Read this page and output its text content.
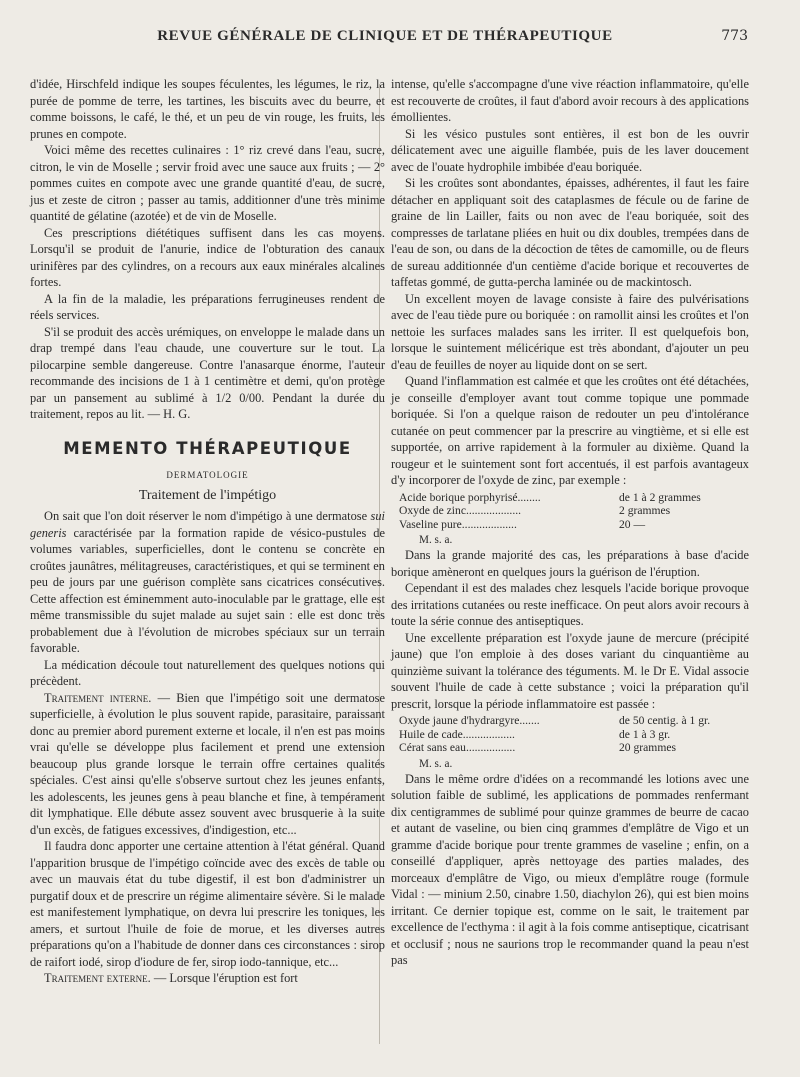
REVUE GÉNÉRALE DE CLINIQUE ET DE THÉRAPEUTIQUE	773

d'idée, Hirschfeld indique les soupes féculentes, les légumes, le riz, la purée de pomme de terre, les tartines, les biscuits avec du beurre, et comme boissons, le café, le thé, et un peu de vin rouge, les fruits, les prunes en compote.

Voici même des recettes culinaires : 1° riz crevé dans l'eau, sucre, citron, le vin de Moselle ; servir froid avec une sauce aux fruits ; — 2° pommes cuites en compote avec une grande quantité d'eau, de sucre, jus et zeste de citron ; passer au tamis, additionner d'une très minime quantité de gélatine (azotée) et de vin de Moselle.

Ces prescriptions diététiques suffisent dans les cas moyens. Lorsqu'il se produit de l'anurie, indice de l'obturation des canaux urinifères par des cylindres, on a recours aux eaux minérales alcalines fortes.

A la fin de la maladie, les préparations ferrugineuses rendent de réels services.

S'il se produit des accès urémiques, on enveloppe le malade dans un drap trempé dans l'eau chaude, une couverture sur le tout. La pilocarpine semble dangereuse. Contre l'anasarque énorme, l'auteur recommande des incisions de 1 à 1 centimètre et demi, qu'on protège par un pansement au sublimé à 1/2 0/00. Pendant la durée du traitement, repos au lit. — H. G.

MEMENTO THÉRAPEUTIQUE
DERMATOLOGIE
Traitement de l'impétigo

On sait que l'on doit réserver le nom d'impétigo à une dermatose sui generis caractérisée par la formation rapide de vésico-pustules de volumes variables, superficielles, dont le contenu se concrète en croûtes jaunâtres, mélitagreuses, caractéristiques, et qui se terminent en peu de jours par une guérison complète sans cicatrices consécutives. Cette affection est éminemment auto-inoculable par le grattage, elle est même transmissible du sujet malade au sujet sain : elle est donc très probablement due à l'évolution de microbes spéciaux sur un terrain favorable.

La médication découle tout naturellement des quelques notions qui précèdent.

Traitement interne. — Bien que l'impétigo soit une dermatose superficielle, à évolution le plus souvent rapide, parasitaire, paraissant donc au premier abord purement externe et locale, il n'en est pas moins vrai qu'elle se développe plus facilement et prend une extension beaucoup plus grande lorsque le terrain offre certaines qualités spéciales. C'est ainsi qu'elle s'observe surtout chez les jeunes enfants, les adolescents, les jeunes gens à peau blanche et fine, à tempérament dit lymphatique. Elle débute assez souvent avec brusquerie à la suite d'un excès, de fatigues excessives, d'indigestion, etc...

Il faudra donc apporter une certaine attention à l'état général. Quand l'apparition brusque de l'impétigo coïncide avec des excès de table ou avec un mauvais état du tube digestif, il est bon d'administrer un purgatif doux et de prescrire un régime alimentaire sévère. Si le malade est manifestement lymphatique, on devra lui prescrire les toniques, les amers, et surtout l'huile de foie de morue, et les diverses autres préparations qu'on a l'habitude de donner dans ces circonstances : sirop de raifort iodé, sirop d'iodure de fer, sirop iodo-tannique, etc...

Traitement externe. — Lorsque l'éruption est fort

intense, qu'elle s'accompagne d'une vive réaction inflammatoire, qu'elle est recouverte de croûtes, il faut d'abord avoir recours à des applications émollientes.

Si les vésico pustules sont entières, il est bon de les ouvrir délicatement avec une aiguille flambée, puis de les laver doucement avec de l'ouate hydrophile imbibée d'eau boriquée.

Si les croûtes sont abondantes, épaisses, adhérentes, il faut les faire détacher en appliquant soit des cataplasmes de fécule ou de farine de graine de lin Lailler, faits ou non avec de l'eau boriquée, soit des compresses de tarlatane pliées en huit ou dix doubles, trempées dans de l'eau de son, ou dans de la décoction de têtes de camomille, ou de fleurs de sureau additionnée d'un centième d'acide borique et recouvertes de taffetas gommé, de gutta-percha laminée ou de mackintosch.

Un excellent moyen de lavage consiste à faire des pulvérisations avec de l'eau tiède pure ou boriquée : on ramollit ainsi les croûtes et l'on nettoie les surfaces malades sans les irriter. Il est quelquefois bon, lorsque le suintement mélicérique est très abondant, d'ajouter un peu d'eau de feuilles de noyer au liquide dont on se sert.

Quand l'inflammation est calmée et que les croûtes ont été détachées, je conseille d'employer avant tout comme topique une pommade boriquée. Si l'on a quelque raison de redouter un peu d'intolérance cutanée on peut commencer par la prescrire au vingtième, et si elle est supportée, on arrive rapidement à la formuler au dixième. Quand la rougeur et le suintement sont fort accentués, il est parfois avantageux d'y incorporer de l'oxyde de zinc, par exemple :

Acide borique porphyrisé........	de 1 à 2 grammes
Oxyde de zinc...................	2 grammes
Vaseline pure...................	20 —
M. s. a.

Dans la grande majorité des cas, les préparations à base d'acide borique amèneront en quelques jours la guérison de l'éruption.

Cependant il est des malades chez lesquels l'acide borique provoque des irritations cutanées ou reste inefficace. On peut alors avoir recours à toute la série connue des antiseptiques.

Une excellente préparation est l'oxyde jaune de mercure (précipité jaune) que l'on emploie à des doses variant du cinquantième au quinzième suivant la tolérance des téguments. M. le Dr E. Vidal associe souvent l'huile de cade à cette substance ; voici la préparation qu'il prescrit, lorsque la période inflammatoire est passée :

Oxyde jaune d'hydrargyre.......	de 50 centig. à 1 gr.
Huile de cade..................	de 1 à 3 gr.
Cérat sans eau.................	20 grammes
M. s. a.

Dans le même ordre d'idées on a recommandé les lotions avec une solution faible de sublimé, les applications de pommades renfermant dix centigrammes de sublimé pour quinze grammes de beurre de cacao et autant de vaseline, ou bien cinq grammes d'emplâtre de Vigo et un gramme d'acide borique pour trente grammes de vaseline ; enfin, on a conseillé d'appliquer, après nettoyage des parties malades, des morceaux d'emplâtre de Vigo, ou mieux d'emplâtre rouge (formule Vidal : — minium 2.50, cinabre 1.50, diachylon 26), qui est bien moins irritant. Ce dernier topique est, comme on le sait, le traitement par excellence de l'ecthyma : il agit à la fois comme antiseptique, cicatrisant et occlusif ; nous ne saurions trop le recommander quand la peau n'est pas
